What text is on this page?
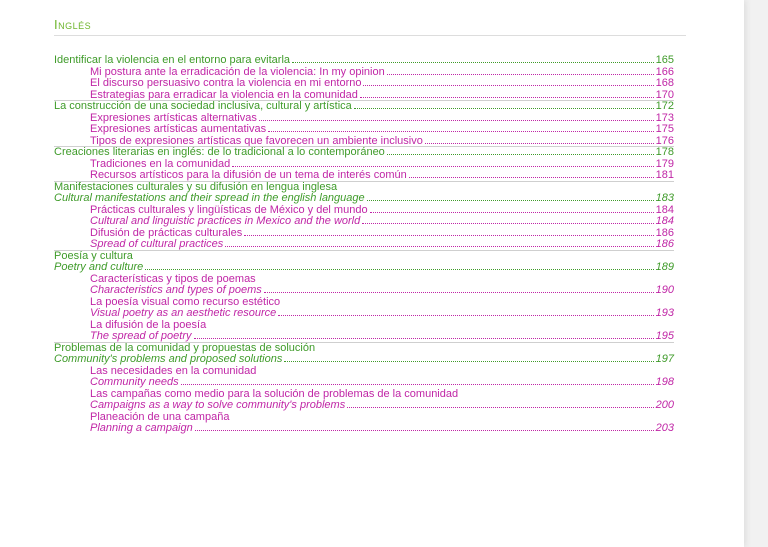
Inglés
Identificar la violencia en el entorno para evitarla	165
Mi postura ante la erradicación de la violencia: In my opinion	166
El discurso persuasivo contra la violencia en mi entorno	168
Estrategias para erradicar la violencia en la comunidad	170
La construcción de una sociedad inclusiva, cultural y artística	172
Expresiones artísticas alternativas	173
Expresiones artísticas aumentativas	175
Tipos de expresiones artísticas que favorecen un ambiente inclusivo	176
Creaciones literarias en inglés: de lo tradicional a lo contemporáneo	178
Tradiciones en la comunidad	179
Recursos artísticos para la difusión de un tema de interés común	181
Manifestaciones culturales y su difusión en lengua inglesa
Cultural manifestations and their spread in the english language	183
Prácticas culturales y lingüísticas de México y del mundo	184
Cultural and linguistic practices in Mexico and the world	184
Difusión de prácticas culturales	186
Spread of cultural practices	186
Poesía y cultura
Poetry and culture	189
Características y tipos de poemas
Characteristics and types of poems	190
La poesía visual como recurso estético
Visual poetry as an aesthetic resource	193
La difusión de la poesía
The spread of poetry	195
Problemas de la comunidad y propuestas de solución
Community's problems and proposed solutions	197
Las necesidades en la comunidad
Community needs	198
Las campañas como medio para la solución de problemas de la comunidad
Campaigns as a way to solve community's problems	200
Planeación de una campaña
Planning a campaign	203
